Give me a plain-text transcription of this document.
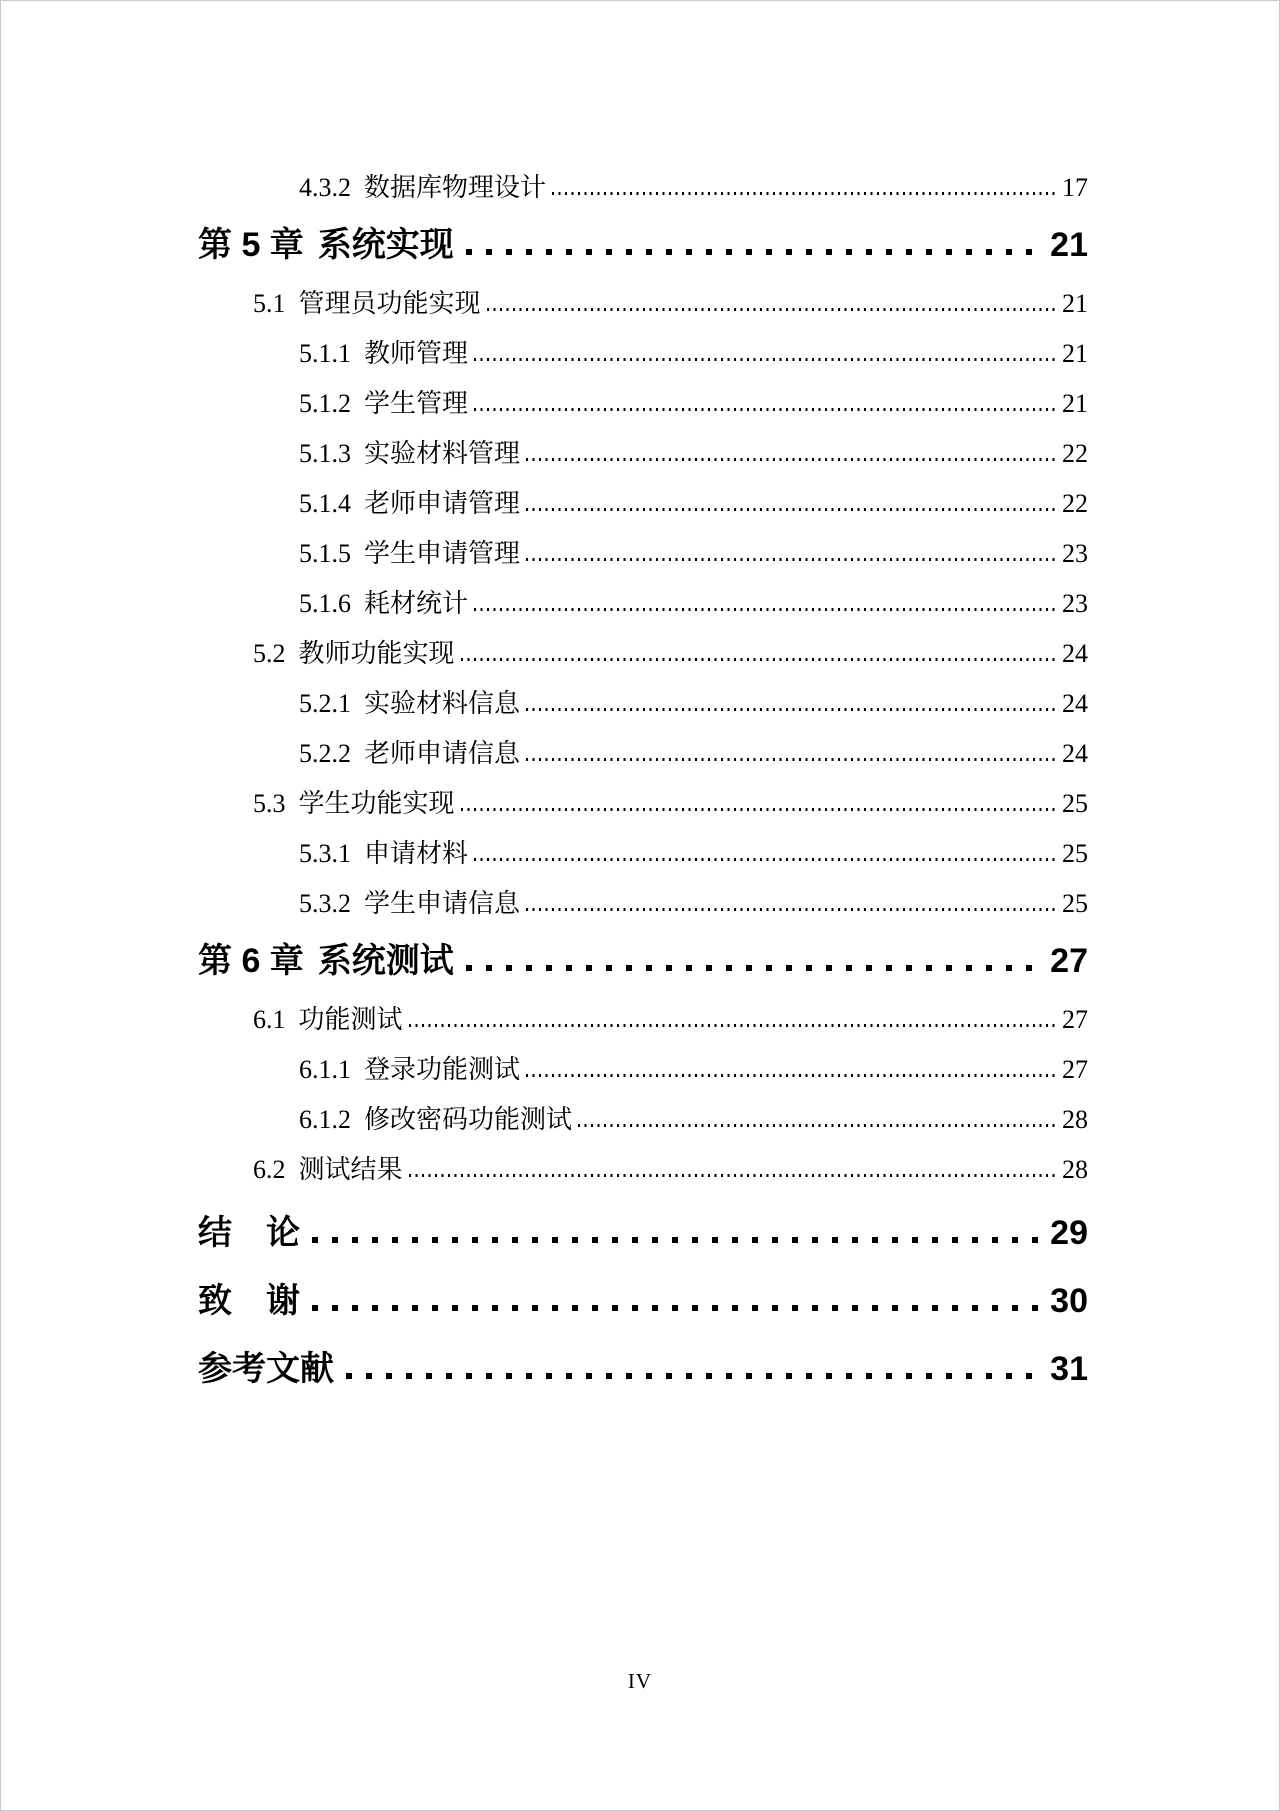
4.3.2 数据库物理设计	17
第 5 章 系统实现	21
5.1 管理员功能实现	21
5.1.1 教师管理	21
5.1.2 学生管理	21
5.1.3 实验材料管理	22
5.1.4 老师申请管理	22
5.1.5 学生申请管理	23
5.1.6 耗材统计	23
5.2 教师功能实现	24
5.2.1 实验材料信息	24
5.2.2 老师申请信息	24
5.3 学生功能实现	25
5.3.1 申请材料	25
5.3.2 学生申请信息	25
第 6 章 系统测试	27
6.1 功能测试	27
6.1.1 登录功能测试	27
6.1.2 修改密码功能测试	28
6.2 测试结果	28
结　论	29
致　谢	30
参考文献	31
IV
